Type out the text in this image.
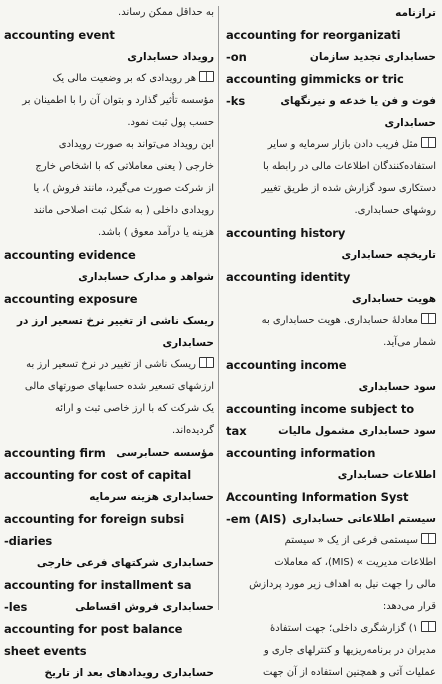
به حداقل ممکن رساند.
accounting event
رویداد حسابداری
هر رویدادی که بر وضعیت مالی یک
مؤسسه تأثیر گذارد و بتوان آن را با اطمینان بر
حسب پول ثبت نمود.
این رویداد می‌تواند به صورت رویدادی
خارجی ( یعنی معاملاتی که با اشخاص خارج
از شرکت صورت می‌گیرد، مانند فروش )، یا
رویدادی داخلی ( به شکل ثبت اصلاحی مانند
هزینه یا درآمد معوق ) باشد.
accounting evidence
شواهد و مدارک حسابداری
accounting exposure
ریسک ناشی از تغییر نرخ تسعیر ارز در
حسابداری
ریسک ناشی از تغییر در نرخ تسعیر ارز به
ارزشهای تسعیر شده حسابهای صورتهای مالی
یک شرکت که با ارز خاصی ثبت و ارائه
گردیده‌اند.
accounting firm مؤسسه حسابرسی
accounting for cost of capital
حسابداری هزینه سرمایه
accounting for foreign subsi
-diaries
حسابداری شرکتهای فرعی خارجی
accounting for installment sa
-les	حسابداری فروش اقساطی
accounting for post balance
sheet events
حسابداری رویدادهای بعد از تاریخ
ترازنامه
accounting for reorganizati
-on	حسابداری تجدید سازمان
accounting gimmicks or tric
-ks	فوت و فن یا خدعه و نیرنگهای
حسابداری
مثل فریب دادن بازار سرمایه و سایر
استفاده‌کنندگان اطلاعات مالی در رابطه با
دستکاری سود گزارش شده از طریق تغییر
روشهای حسابداری.
accounting history
تاریخچه حسابداری
accounting identity
هویت حسابداری
معادلهٔ حسابداری. هویت حسابداری به
شمار می‌آید.
accounting income
سود حسابداری
accounting income subject to
tax	سود حسابداری مشمول مالیات
accounting information
اطلاعات حسابداری
Accounting Information Syst
-em (AIS) سیستم اطلاعاتی حسابداری
سیستمی فرعی از یک « سیستم
اطلاعات مدیریت » (MIS)، که معاملات
مالی را جهت نیل به اهداف زیر مورد پردازش
قرار می‌دهد:
۱) گزارشگری داخلی؛ جهت استفادهٔ
مدیران در برنامه‌ریزیها و کنترلهای جاری و
عملیات آتی و همچنین استفاده از آن جهت
